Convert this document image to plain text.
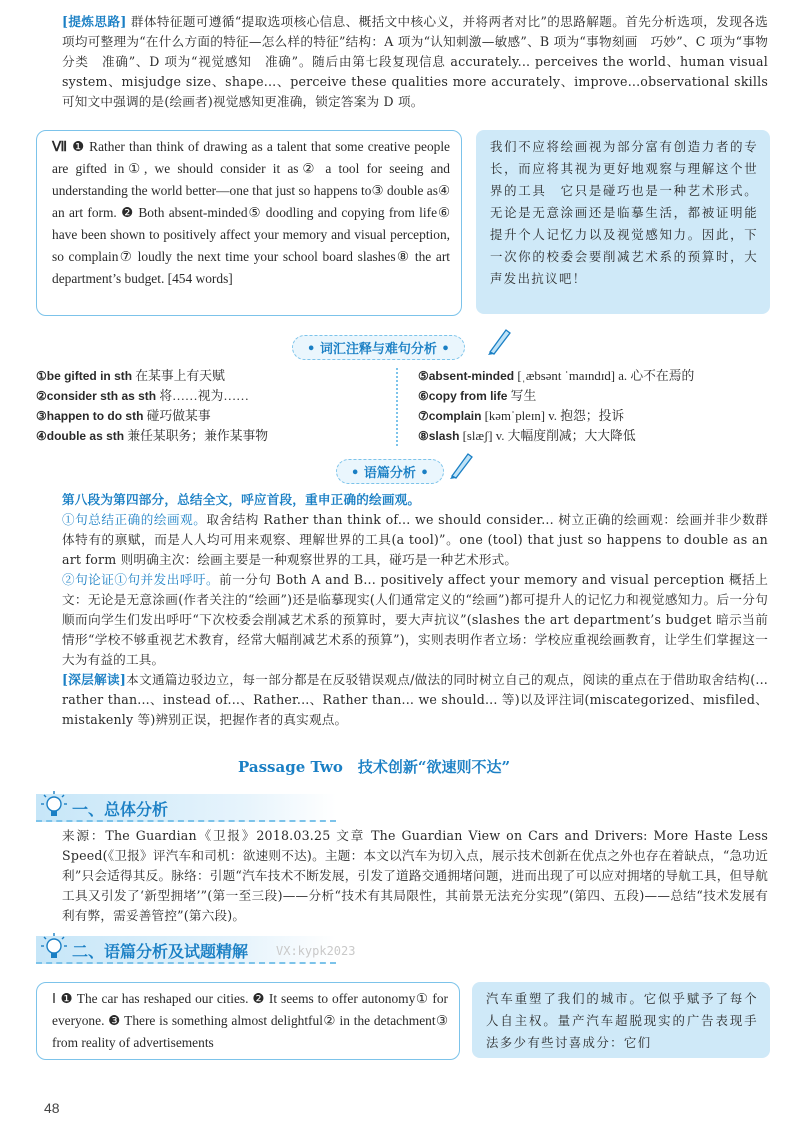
[提炼思路] 群体特征题可遵循“提取选项核心信息、概括文中核心义，并将两者对比”的思路解题。首先分析选项，发现各选项均可整理为“在什么方面的特征—怎么样的特征”结构：A 项为“认知刺激—敏感”、B 项为“事物刻画　巧妙”、C 项为“事物分类　准确”、D 项为“视觉感知　准确”。随后由第七段复现信息 accurately... perceives the world、human visual system、misjudge size、shape...、perceive these qualities more accurately、improve...observational skills 可知文中强调的是(绘画者)视觉感知更准确，锁定答案为 D 项。
Ⅶ ❶ Rather than think of drawing as a talent that some creative people are gifted in①, we should consider it as② a tool for seeing and understanding the world better—one that just so happens to③ double as④ an art form. ❷ Both absent-minded⑤ doodling and copying from life⑥ have been shown to positively affect your memory and visual perception, so complain⑦ loudly the next time your school board slashes⑧ the art department’s budget. [454 words]
我们不应将绘画视为部分富有创造力者的专长，而应将其视为更好地观察与理解这个世界的工具　它只是碰巧也是一种艺术形式。无论是无意涂画还是临摹生活，都被证明能提升个人记忆力以及视觉感知力。因此，下一次你的校委会要削减艺术系的预算时，大声发出抗议吧！
• 词汇注释与难句分析 •
①be gifted in sth 在某事上有天赋
②consider sth as sth 将……视为……
③happen to do sth 碰巧做某事
④double as sth 兼任某职务；兼作某事物
⑤absent-minded [ˌæbsənt ˈmaɪndɪd] a. 心不在焉的
⑥copy from life 写生
⑦complain [kəmˈpleɪn] v. 抱怨；投诉
⑧slash [slæʃ] v. 大幅度削减；大大降低
• 语篇分析 •
第八段为第四部分，总结全文，呼应首段，重申正确的绘画观。
①句总结正确的绘画观。取舍结构 Rather than think of... we should consider... 树立正确的绘画观：绘画并非少数群体特有的禀赋，而是人人均可用来观察、理解世界的工具(a tool)”。one (tool) that just so happens to double as an art form 则明确主次：绘画主要是一种观察世界的工具，碰巧是一种艺术形式。
②句论证①句并发出呼吁。前一分句 Both A and B... positively affect your memory and visual perception 概括上文：无论是无意涂画(作者关注的“绘画”)还是临摹现实(人们通常定义的“绘画”)都可提升人的记忆力和视觉感知力。后一分句顺而向学生们发出呼吁“下次校委会削减艺术系的预算时，要大声抗议”(slashes the art department’s budget 暗示当前情形“学校不够重视艺术教育，经常大幅削减艺术系的预算”)，实则表明作者立场：学校应重视绘画教育，让学生们掌握这一大为有益的工具。
[深层解读]本文通篇边驳边立，每一部分都是在反驳错误观点/做法的同时树立自己的观点，阅读的重点在于借助取舍结构(... rather than...、instead of...、Rather...、Rather than... we should... 等)以及评注词(miscategorized、misfiled、mistakenly 等)辨别正误，把握作者的真实观点。
Passage Two　技术创新“欲速则不达”
一、总体分析
来源：The Guardian《卫报》2018.03.25 文章 The Guardian View on Cars and Drivers: More Haste Less Speed(《卫报》评汽车和司机：欲速则不达)。主题：本文以汽车为切入点，展示技术创新在优点之外也存在着缺点，“急功近利”只会适得其反。脉络：引题“汽车技术不断发展，引发了道路交通拥堵问题，进而出现了可以应对拥堵的导航工具，但导航工具又引发了‘新型拥堵’”(第一至三段)——分析“技术有其局限性，其前景无法充分实现”(第四、五段)——总结“技术发展有利有弊，需妥善管控”(第六段)。
二、语篇分析及试题精解 VX:kypk2023
Ⅰ ❶ The car has reshaped our cities. ❷ It seems to offer autonomy① for everyone. ❸ There is something almost delightful② in the detachment③ from reality of advertisements
汽车重塑了我们的城市。它似乎赋予了每个人自主权。量产汽车超脱现实的广告表现手法多少有些讨喜成分：它们
48
